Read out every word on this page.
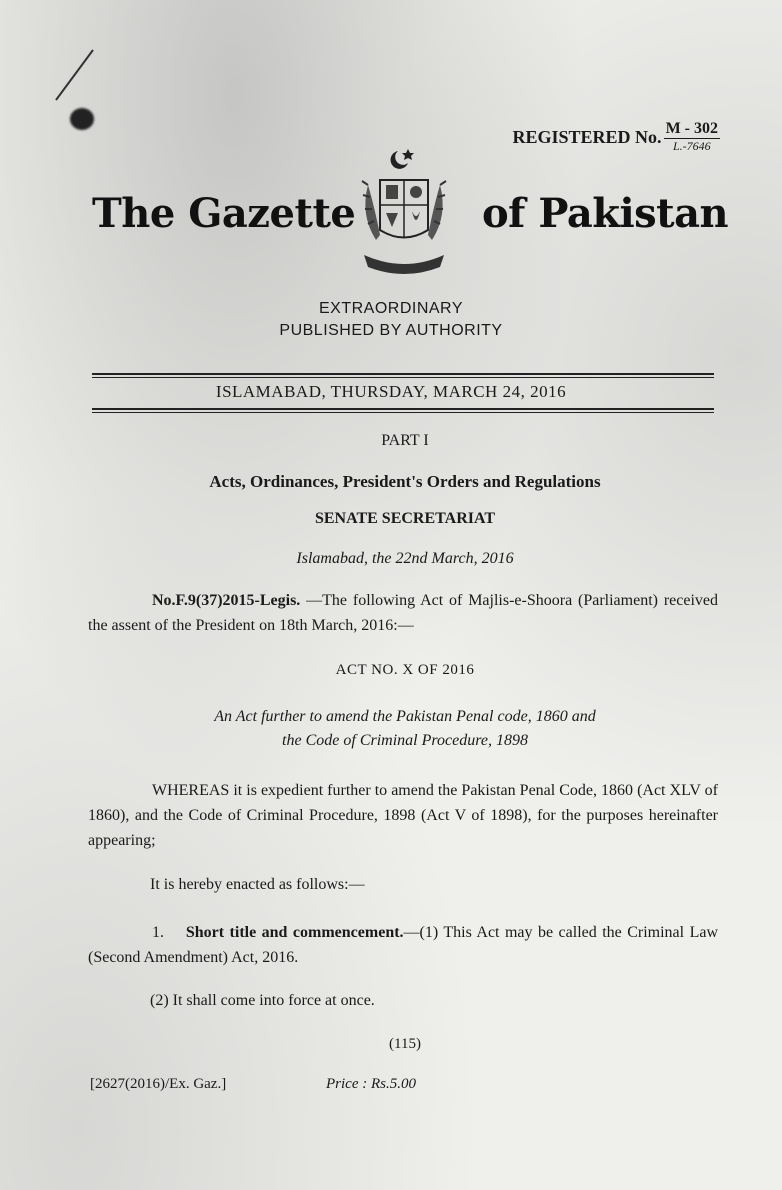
REGISTERED No. $\frac{M - 302}{L.-7646}$
The Gazette	of Pakistan
EXTRAORDINARY
PUBLISHED BY AUTHORITY
ISLAMABAD, THURSDAY, MARCH 24, 2016
PART I
Acts, Ordinances, President's Orders and Regulations
SENATE SECRETARIAT
Islamabad, the 22nd March, 2016
No.F.9(37)2015-Legis. —The following Act of Majlis-e-Shoora (Parliament) received the assent of the President on 18th March, 2016:—
ACT NO. X OF 2016
An Act further to amend the Pakistan Penal code, 1860 and
the Code of Criminal Procedure, 1898
WHEREAS it is expedient further to amend the Pakistan Penal Code, 1860 (Act XLV of 1860), and the Code of Criminal Procedure, 1898 (Act V of 1898), for the purposes hereinafter appearing;
It is hereby enacted as follows:—
1. Short title and commencement.—(1) This Act may be called the Criminal Law (Second Amendment) Act, 2016.
(2) It shall come into force at once.
(115)
[2627(2016)/Ex. Gaz.]	Price : Rs.5.00
